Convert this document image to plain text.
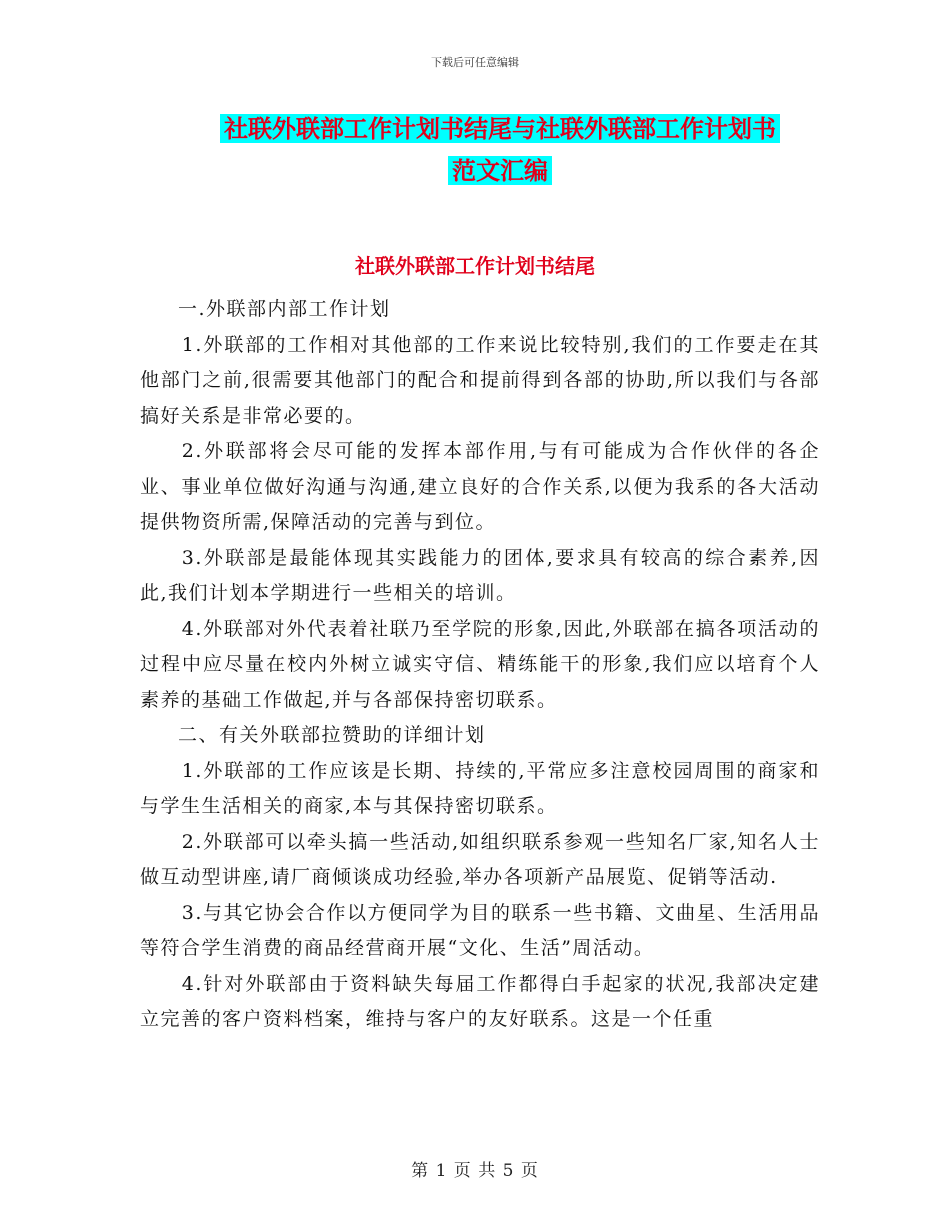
下载后可任意编辑
社联外联部工作计划书结尾与社联外联部工作计划书
范文汇编
社联外联部工作计划书结尾

一.外联部内部工作计划

1.外联部的工作相对其他部的工作来说比较特别,我们的工作要走在其他部门之前,很需要其他部门的配合和提前得到各部的协助,所以我们与各部搞好关系是非常必要的。

2.外联部将会尽可能的发挥本部作用,与有可能成为合作伙伴的各企业、事业单位做好沟通与沟通,建立良好的合作关系,以便为我系的各大活动提供物资所需,保障活动的完善与到位。

3.外联部是最能体现其实践能力的团体,要求具有较高的综合素养,因此,我们计划本学期进行一些相关的培训。

4.外联部对外代表着社联乃至学院的形象,因此,外联部在搞各项活动的过程中应尽量在校内外树立诚实守信、精练能干的形象,我们应以培育个人素养的基础工作做起,并与各部保持密切联系。

二、有关外联部拉赞助的详细计划

1.外联部的工作应该是长期、持续的,平常应多注意校园周围的商家和与学生生活相关的商家,本与其保持密切联系。

2.外联部可以牵头搞一些活动,如组织联系参观一些知名厂家,知名人士做互动型讲座,请厂商倾谈成功经验,举办各项新产品展览、促销等活动.

3.与其它协会合作以方便同学为目的联系一些书籍、文曲星、生活用品等符合学生消费的商品经营商开展“文化、生活”周活动。

4.针对外联部由于资料缺失每届工作都得白手起家的状况,我部决定建立完善的客户资料档案，维持与客户的友好联系。这是一个任重

第 1 页 共 5 页
